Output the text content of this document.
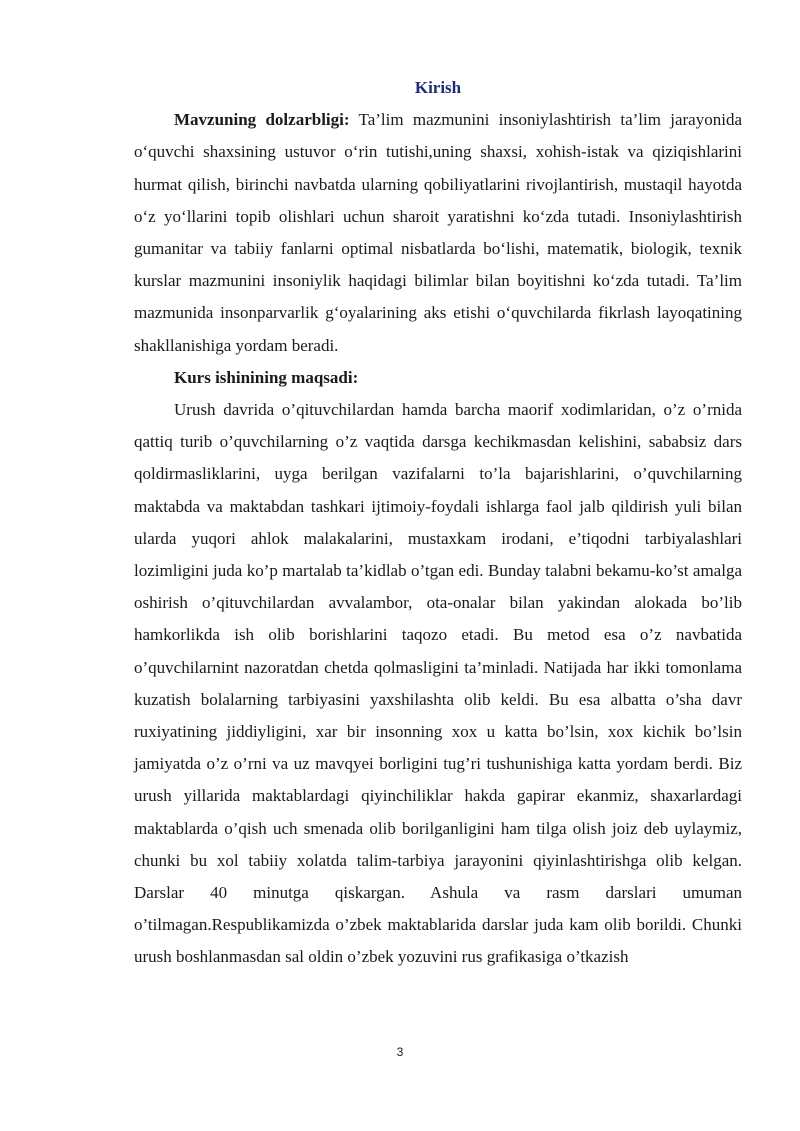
Kirish

Mavzuning dolzarbligi: Ta’lim mazmunini insoniylashtirish ta’lim jarayonida o‘quvchi shaxsining ustuvor o‘rin tutishi,uning shaxsi, xohish-istak va qiziqishlarini hurmat qilish, birinchi navbatda ularning qobiliyatlarini rivojlantirish, mustaqil hayotda o‘z yo‘llarini topib olishlari uchun sharoit yaratishni ko‘zda tutadi. Insoniylashtirish gumanitar va tabiiy fanlarni optimal nisbatlarda bo‘lishi, matematik, biologik, texnik kurslar mazmunini insoniylik haqidagi bilimlar bilan boyitishni ko‘zda tutadi. Ta’lim mazmunida insonparvarlik g‘oyalarining aks etishi o‘quvchilarda fikrlash layoqatining shakllanishiga yordam beradi.

Kurs ishinining maqsadi:

Urush davrida o’qituvchilardan hamda barcha maorif xodimlaridan, o’z o’rnida qattiq turib o’quvchilarning o’z vaqtida darsga kechikmasdan kelishini, sababsiz dars qoldirmasliklarini, uyga berilgan vazifalarni to’la bajarishlarini, o’quvchilarning maktabda va maktabdan tashkari ijtimoiy-foydali ishlarga faol jalb qildirish yuli bilan ularda yuqori ahlok malakalarini, mustaxkam irodani, e’tiqodni tarbiyalashlari lozimligini juda ko’p martalab ta’kidlab o’tgan edi. Bunday talabni bekamu-ko’st amalga oshirish o’qituvchilardan avvalambor, ota-onalar bilan yakindan alokada bo’lib hamkorlikda ish olib borishlarini taqozo etadi. Bu metod esa o’z navbatida o’quvchilarnint nazoratdan chetda qolmasligini ta’minladi. Natijada har ikki tomonlama kuzatish bolalarning tarbiyasini yaxshilashta olib keldi. Bu esa albatta o’sha davr ruxiyatining jiddiyligini, xar bir insonning xox u katta bo’lsin, xox kichik bo’lsin jamiyatda o’z o’rni va uz mavqyei borligini tug’ri tushunishiga katta yordam berdi. Biz urush yillarida maktablardagi qiyinchiliklar hakda gapirar ekanmiz, shaxarlardagi maktablarda o’qish uch smenada olib borilganligini ham tilga olish joiz deb uylaymiz, chunki bu xol tabiiy xolatda talim-tarbiya jarayonini qiyinlashtirishga olib kelgan. Darslar 40 minutga qiskargan. Ashula va rasm darslari umuman o’tilmagan.Respublikamizda o’zbek maktablarida darslar juda kam olib borildi. Chunki urush boshlanmasdan sal oldin o’zbek yozuvini rus grafikasiga o’tkazish

3
